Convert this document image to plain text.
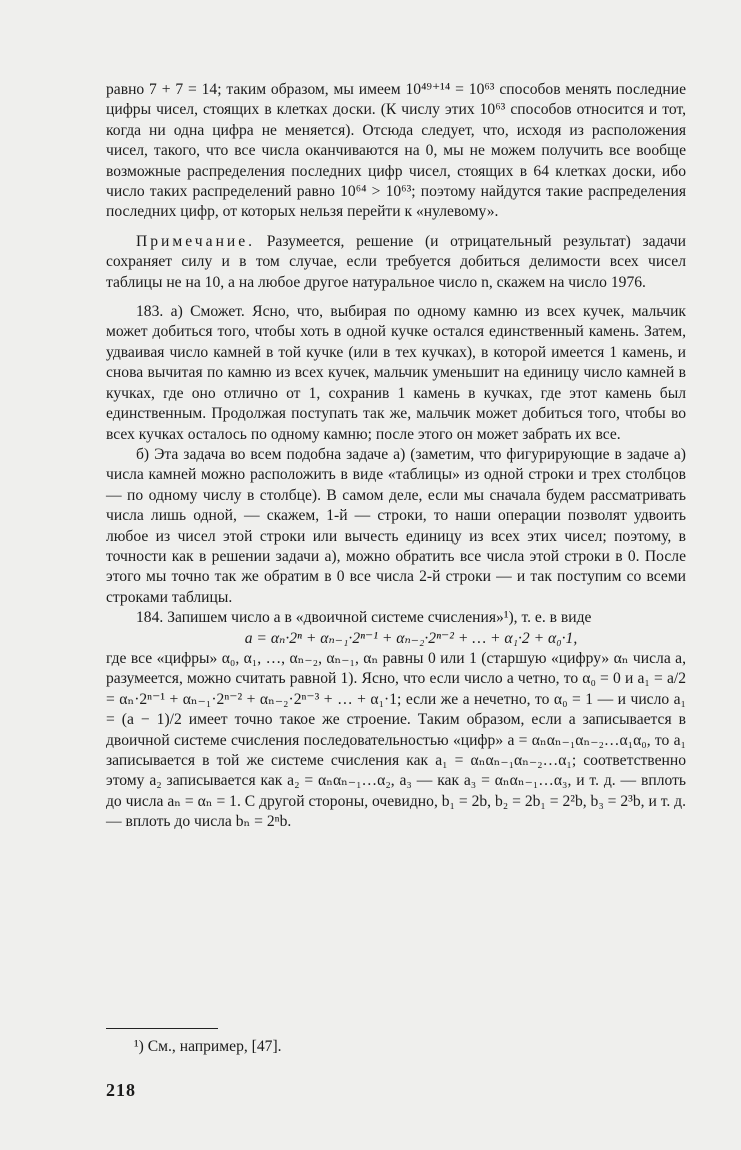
равно 7 + 7 = 14; таким образом, мы имеем 10⁴⁹⁺¹⁴ = 10⁶³ способов менять последние цифры чисел, стоящих в клетках доски. (К числу этих 10⁶³ способов относится и тот, когда ни одна цифра не меняется). Отсюда следует, что, исходя из расположения чисел, такого, что все числа оканчиваются на 0, мы не можем получить все вообще возможные распределения последних цифр чисел, стоящих в 64 клетках доски, ибо число таких распределений равно 10⁶⁴ > 10⁶³; поэтому найдутся такие распределения последних цифр, от которых нельзя перейти к «нулевому».

Примечание. Разумеется, решение (и отрицательный результат) задачи сохраняет силу и в том случае, если требуется добиться делимости всех чисел таблицы не на 10, а на любое другое натуральное число n, скажем на число 1976.

183. а) Сможет. Ясно, что, выбирая по одному камню из всех кучек, мальчик может добиться того, чтобы хоть в одной кучке остался единственный камень. Затем, удваивая число камней в той кучке (или в тех кучках), в которой имеется 1 камень, и снова вычитая по камню из всех кучек, мальчик уменьшит на единицу число камней в кучках, где оно отлично от 1, сохранив 1 камень в кучках, где этот камень был единственным. Продолжая поступать так же, мальчик может добиться того, чтобы во всех кучках осталось по одному камню; после этого он может забрать их все.

б) Эта задача во всем подобна задаче а) (заметим, что фигурирующие в задаче а) числа камней можно расположить в виде «таблицы» из одной строки и трех столбцов — по одному числу в столбце). В самом деле, если мы сначала будем рассматривать числа лишь одной, — скажем, 1-й — строки, то наши операции позволят удвоить любое из чисел этой строки или вычесть единицу из всех этих чисел; поэтому, в точности как в решении задачи а), можно обратить все числа этой строки в 0. После этого мы точно так же обратим в 0 все числа 2-й строки — и так поступим со всеми строками таблицы.

184. Запишем число a в «двоичной системе счисления»¹), т. е. в виде

a = αₙ·2ⁿ + αₙ₋₁·2ⁿ⁻¹ + αₙ₋₂·2ⁿ⁻² + … + α₁·2 + α₀·1,

где все «цифры» α₀, α₁, …, αₙ₋₂, αₙ₋₁, αₙ равны 0 или 1 (старшую «цифру» αₙ числа a, разумеется, можно считать равной 1). Ясно, что если число a четно, то α₀ = 0 и a₁ = a/2 = αₙ·2ⁿ⁻¹ + αₙ₋₁·2ⁿ⁻² + αₙ₋₂·2ⁿ⁻³ + … + α₁·1; если же a нечетно, то α₀ = 1 — и число a₁ = (a − 1)/2 имеет точно такое же строение. Таким образом, если a записывается в двоичной системе счисления последовательностью «цифр» a = αₙαₙ₋₁αₙ₋₂…α₁α₀, то a₁ записывается в той же системе счисления как a₁ = αₙαₙ₋₁αₙ₋₂…α₁; соответственно этому a₂ записывается как a₂ = αₙαₙ₋₁…α₂, a₃ — как a₃ = αₙαₙ₋₁…α₃, и т. д. — вплоть до числа aₙ = αₙ = 1. С другой стороны, очевидно, b₁ = 2b, b₂ = 2b₁ = 2²b, b₃ = 2³b, и т. д. — вплоть до числа bₙ = 2ⁿb.

¹) См., например, [47].
218
